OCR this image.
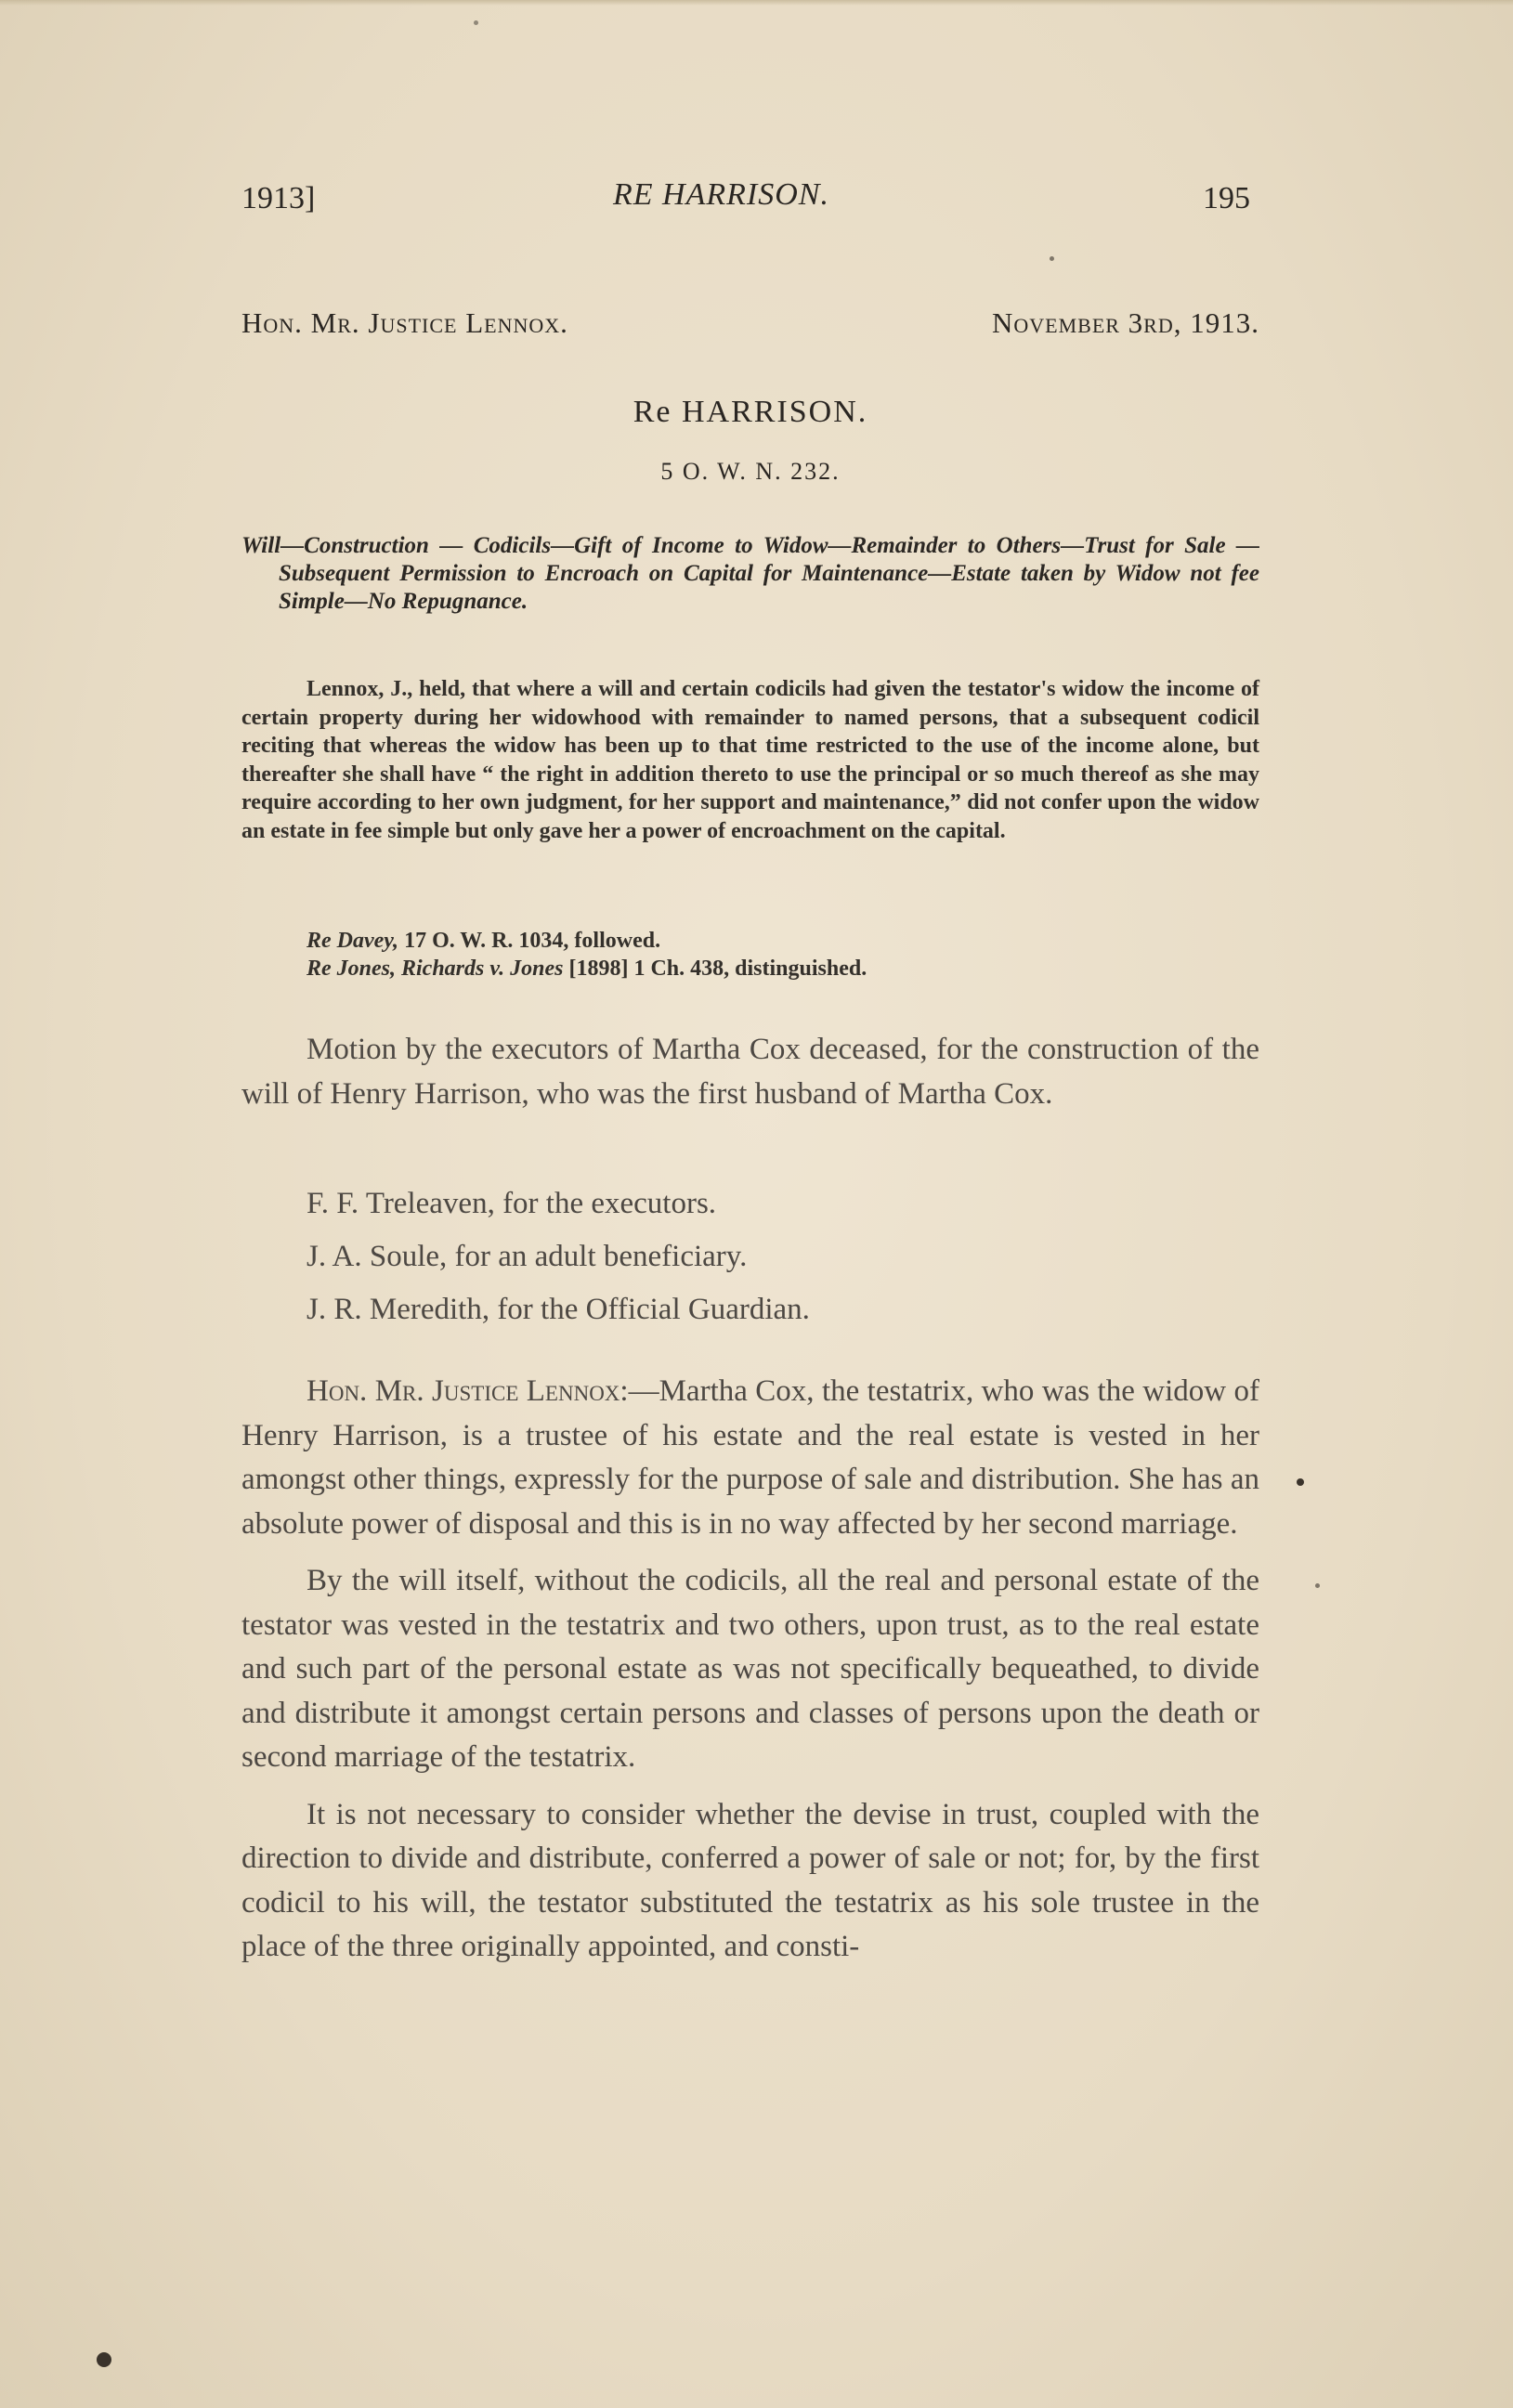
1913]	RE HARRISON.	195
Hon. Mr. Justice Lennox.	November 3rd, 1913.
Re HARRISON.
5 O. W. N. 232.

Will—Construction — Codicils—Gift of Income to Widow—Remainder to Others—Trust for Sale — Subsequent Permission to Encroach on Capital for Maintenance—Estate taken by Widow not fee Simple—No Repugnance.

Lennox, J., held, that where a will and certain codicils had given the testator's widow the income of certain property during her widowhood with remainder to named persons, that a subsequent codicil reciting that whereas the widow has been up to that time restricted to the use of the income alone, but thereafter she shall have “ the right in addition thereto to use the principal or so much thereof as she may require according to her own judgment, for her support and maintenance,” did not confer upon the widow an estate in fee simple but only gave her a power of encroachment on the capital.

Re Davey, 17 O. W. R. 1034, followed.

Re Jones, Richards v. Jones [1898] 1 Ch. 438, distinguished.

Motion by the executors of Martha Cox deceased, for the construction of the will of Henry Harrison, who was the first husband of Martha Cox.

F. F. Treleaven, for the executors.

J. A. Soule, for an adult beneficiary.

J. R. Meredith, for the Official Guardian.

Hon. Mr. Justice Lennox:—Martha Cox, the testatrix, who was the widow of Henry Harrison, is a trustee of his estate and the real estate is vested in her amongst other things, expressly for the purpose of sale and distribution. She has an absolute power of disposal and this is in no way affected by her second marriage.

By the will itself, without the codicils, all the real and personal estate of the testator was vested in the testatrix and two others, upon trust, as to the real estate and such part of the personal estate as was not specifically bequeathed, to divide and distribute it amongst certain persons and classes of persons upon the death or second marriage of the testatrix.

It is not necessary to consider whether the devise in trust, coupled with the direction to divide and distribute, conferred a power of sale or not; for, by the first codicil to his will, the testator substituted the testatrix as his sole trustee in the place of the three originally appointed, and consti-
